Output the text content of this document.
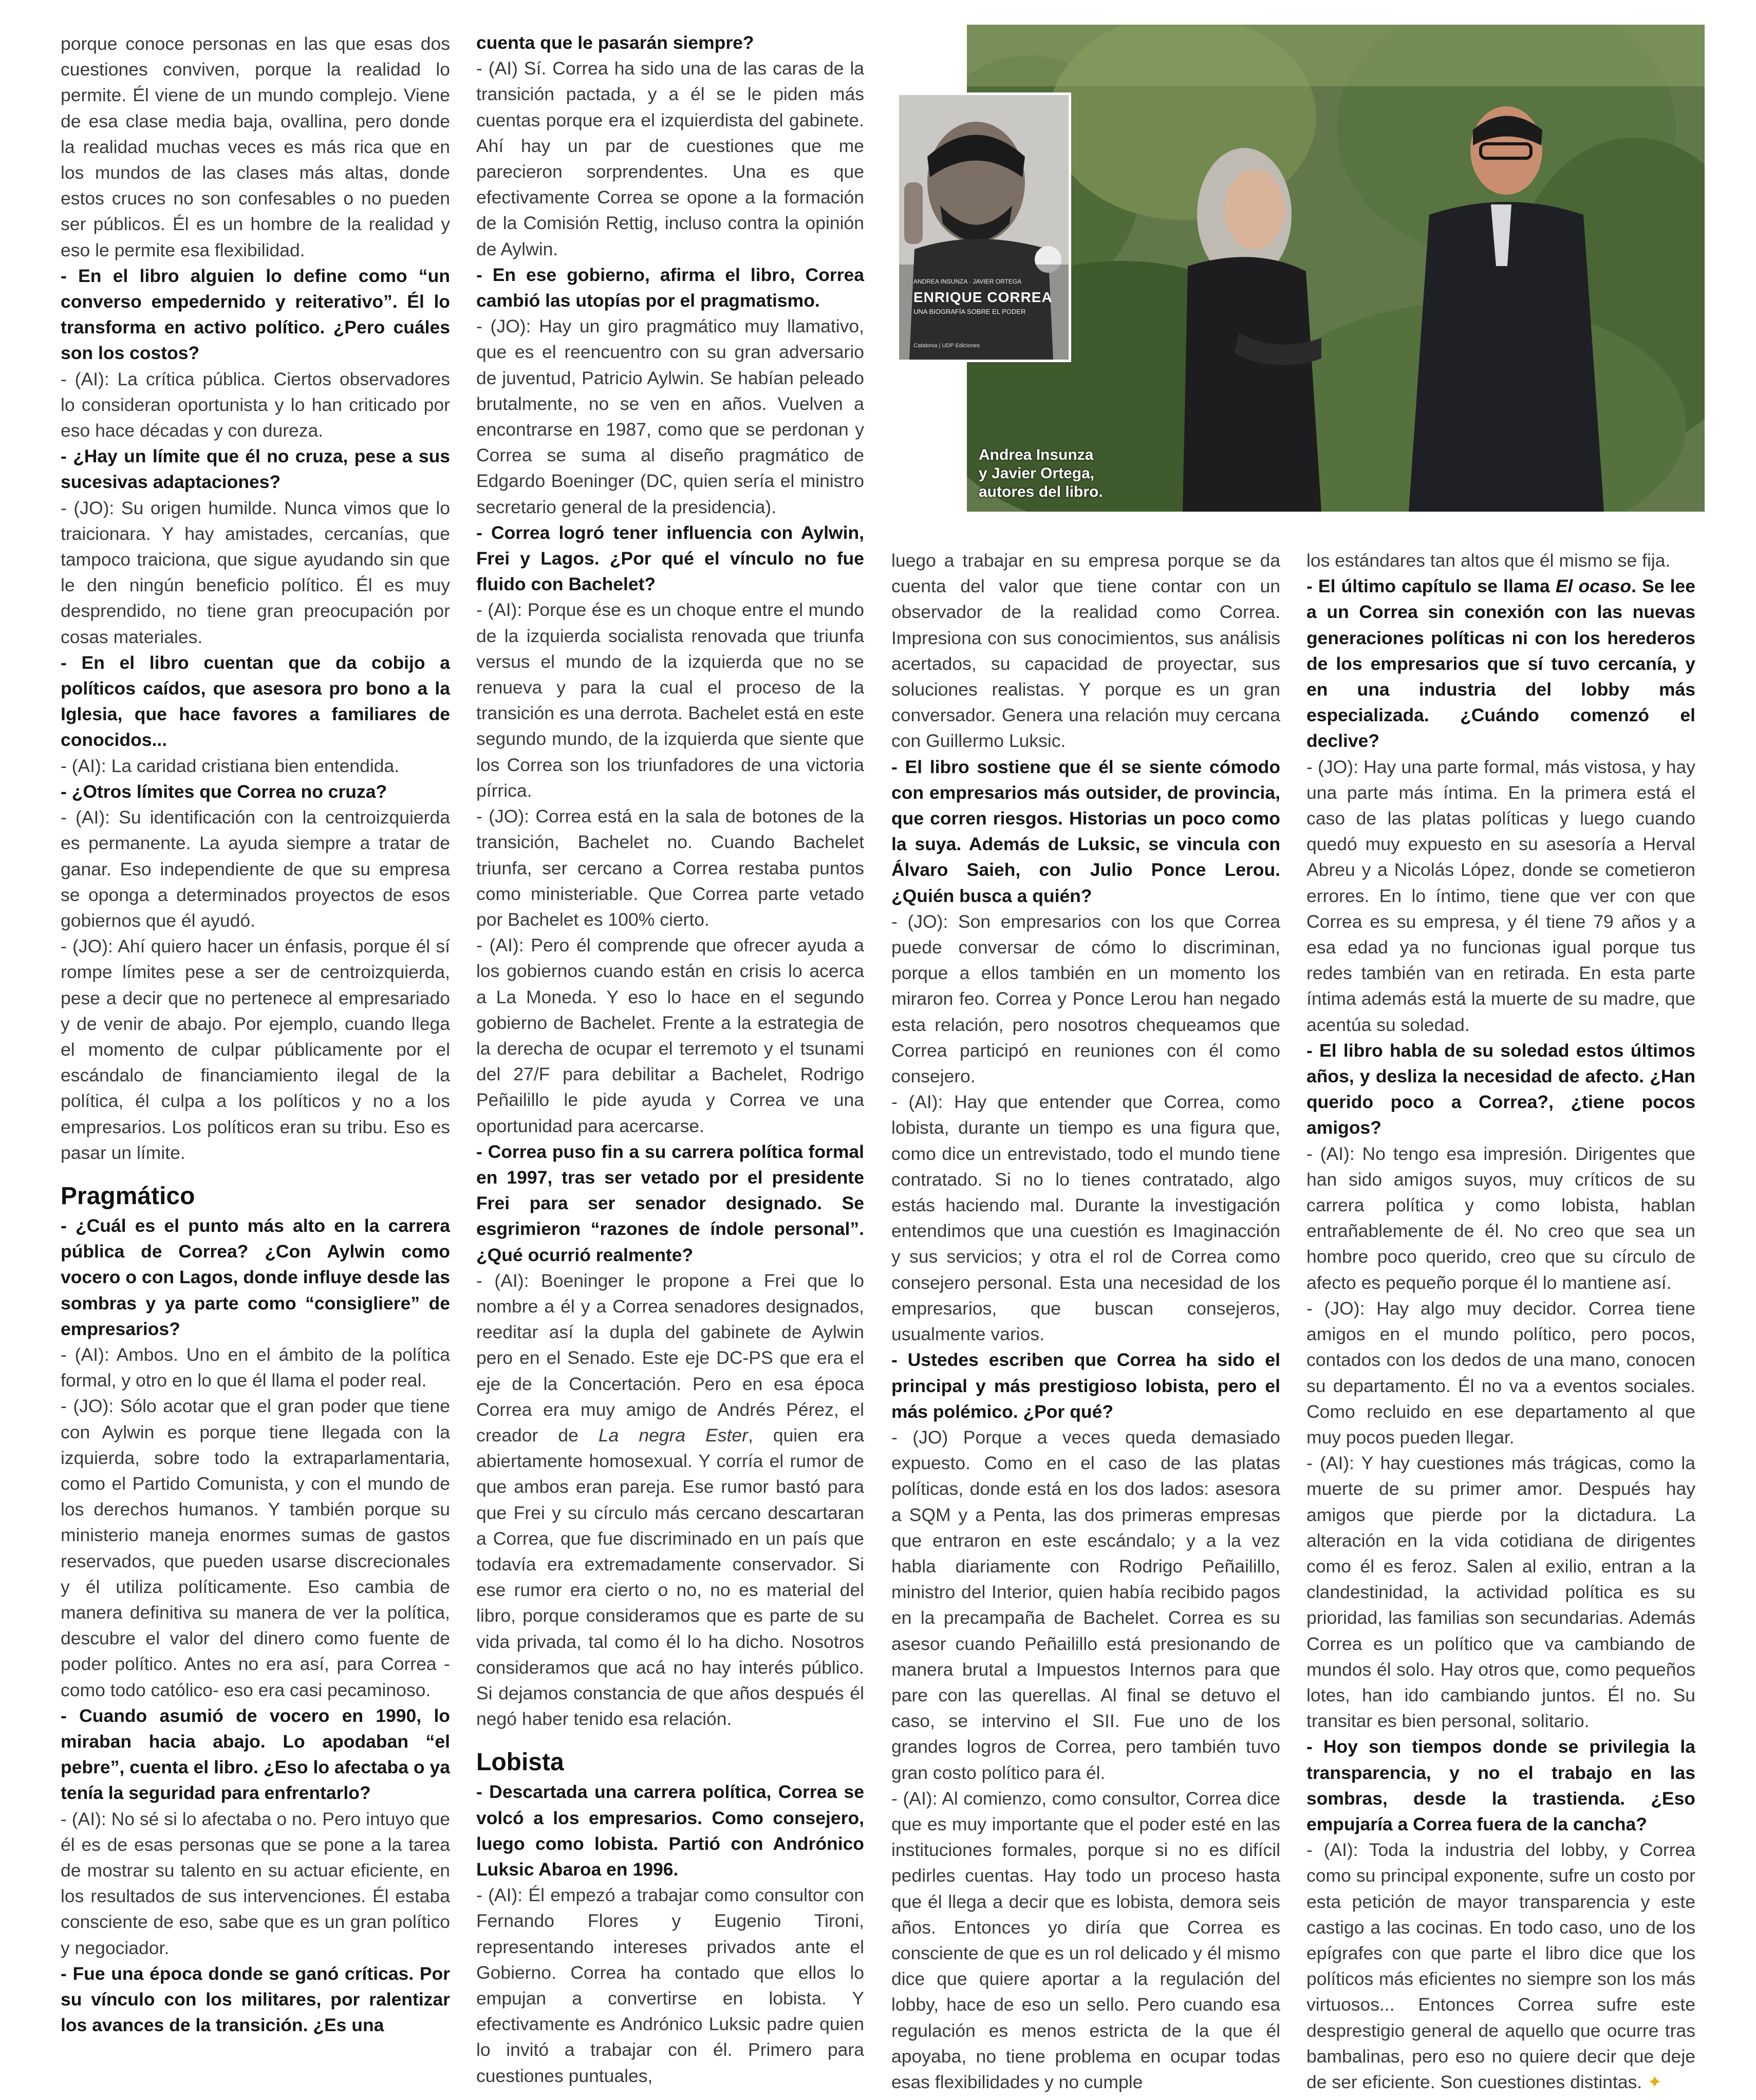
porque conoce personas en las que esas dos cuestiones conviven, porque la realidad lo permite. Él viene de un mundo complejo. Viene de esa clase media baja, ovallina, pero donde la realidad muchas veces es más rica que en los mundos de las clases más altas, donde estos cruces no son confesables o no pueden ser públicos. Él es un hombre de la realidad y eso le permite esa flexibilidad.

- En el libro alguien lo define como “un converso empedernido y reiterativo”. Él lo transforma en activo político. ¿Pero cuáles son los costos?

- (AI): La crítica pública. Ciertos observadores lo consideran oportunista y lo han criticado por eso hace décadas y con dureza.

- ¿Hay un límite que él no cruza, pese a sus sucesivas adaptaciones?

- (JO): Su origen humilde. Nunca vimos que lo traicionara. Y hay amistades, cercanías, que tampoco traiciona, que sigue ayudando sin que le den ningún beneficio político. Él es muy desprendido, no tiene gran preocupación por cosas materiales.

- En el libro cuentan que da cobijo a políticos caídos, que asesora pro bono a la Iglesia, que hace favores a familiares de conocidos...

- (AI): La caridad cristiana bien entendida.

- ¿Otros límites que Correa no cruza?

- (AI): Su identificación con la centroizquierda es permanente. La ayuda siempre a tratar de ganar. Eso independiente de que su empresa se oponga a determinados proyectos de esos gobiernos que él ayudó.

- (JO): Ahí quiero hacer un énfasis, porque él sí rompe límites pese a ser de centroizquierda, pese a decir que no pertenece al empresariado y de venir de abajo. Por ejemplo, cuando llega el momento de culpar públicamente por el escándalo de financiamiento ilegal de la política, él culpa a los políticos y no a los empresarios. Los políticos eran su tribu. Eso es pasar un límite.

Pragmático

- ¿Cuál es el punto más alto en la carrera pública de Correa? ¿Con Aylwin como vocero o con Lagos, donde influye desde las sombras y ya parte como “consigliere” de empresarios?

- (AI): Ambos. Uno en el ámbito de la política formal, y otro en lo que él llama el poder real.

- (JO): Sólo acotar que el gran poder que tiene con Aylwin es porque tiene llegada con la izquierda, sobre todo la extraparlamentaria, como el Partido Comunista, y con el mundo de los derechos humanos. Y también porque su ministerio maneja enormes sumas de gastos reservados, que pueden usarse discrecionales y él utiliza políticamente. Eso cambia de manera definitiva su manera de ver la política, descubre el valor del dinero como fuente de poder político. Antes no era así, para Correa -como todo católico- eso era casi pecaminoso.

- Cuando asumió de vocero en 1990, lo miraban hacia abajo. Lo apodaban “el pebre”, cuenta el libro. ¿Eso lo afectaba o ya tenía la seguridad para enfrentarlo?

- (AI): No sé si lo afectaba o no. Pero intuyo que él es de esas personas que se pone a la tarea de mostrar su talento en su actuar eficiente, en los resultados de sus intervenciones. Él estaba consciente de eso, sabe que es un gran político y negociador.

- Fue una época donde se ganó críticas. Por su vínculo con los militares, por ralentizar los avances de la transición. ¿Es una

cuenta que le pasarán siempre?

- (AI) Sí. Correa ha sido una de las caras de la transición pactada, y a él se le piden más cuentas porque era el izquierdista del gabinete. Ahí hay un par de cuestiones que me parecieron sorprendentes. Una es que efectivamente Correa se opone a la formación de la Comisión Rettig, incluso contra la opinión de Aylwin.

- En ese gobierno, afirma el libro, Correa cambió las utopías por el pragmatismo.

- (JO): Hay un giro pragmático muy llamativo, que es el reencuentro con su gran adversario de juventud, Patricio Aylwin. Se habían peleado brutalmente, no se ven en años. Vuelven a encontrarse en 1987, como que se perdonan y Correa se suma al diseño pragmático de Edgardo Boeninger (DC, quien sería el ministro secretario general de la presidencia).

- Correa logró tener influencia con Aylwin, Frei y Lagos. ¿Por qué el vínculo no fue fluido con Bachelet?

- (AI): Porque ése es un choque entre el mundo de la izquierda socialista renovada que triunfa versus el mundo de la izquierda que no se renueva y para la cual el proceso de la transición es una derrota. Bachelet está en este segundo mundo, de la izquierda que siente que los Correa son los triunfadores de una victoria pírrica.

- (JO): Correa está en la sala de botones de la transición, Bachelet no. Cuando Bachelet triunfa, ser cercano a Correa restaba puntos como ministeriable. Que Correa parte vetado por Bachelet es 100% cierto.

- (AI): Pero él comprende que ofrecer ayuda a los gobiernos cuando están en crisis lo acerca a La Moneda. Y eso lo hace en el segundo gobierno de Bachelet. Frente a la estrategia de la derecha de ocupar el terremoto y el tsunami del 27/F para debilitar a Bachelet, Rodrigo Peñailillo le pide ayuda y Correa ve una oportunidad para acercarse.

- Correa puso fin a su carrera política formal en 1997, tras ser vetado por el presidente Frei para ser senador designado. Se esgrimieron “razones de índole personal”. ¿Qué ocurrió realmente?

- (AI): Boeninger le propone a Frei que lo nombre a él y a Correa senadores designados, reeditar así la dupla del gabinete de Aylwin pero en el Senado. Este eje DC-PS que era el eje de la Concertación. Pero en esa época Correa era muy amigo de Andrés Pérez, el creador de La negra Ester, quien era abiertamente homosexual. Y corría el rumor de que ambos eran pareja. Ese rumor bastó para que Frei y su círculo más cercano descartaran a Correa, que fue discriminado en un país que todavía era extremadamente conservador. Si ese rumor era cierto o no, no es material del libro, porque consideramos que es parte de su vida privada, tal como él lo ha dicho. Nosotros consideramos que acá no hay interés público. Si dejamos constancia de que años después él negó haber tenido esa relación.

Lobista

- Descartada una carrera política, Correa se volcó a los empresarios. Como consejero, luego como lobista. Partió con Andrónico Luksic Abaroa en 1996.

- (AI): Él empezó a trabajar como consultor con Fernando Flores y Eugenio Tironi, representando intereses privados ante el Gobierno. Correa ha contado que ellos lo empujan a convertirse en lobista. Y efectivamente es Andrónico Luksic padre quien lo invitó a trabajar con él. Primero para cuestiones puntuales,

luego a trabajar en su empresa porque se da cuenta del valor que tiene contar con un observador de la realidad como Correa. Impresiona con sus conocimientos, sus análisis acertados, su capacidad de proyectar, sus soluciones realistas. Y porque es un gran conversador. Genera una relación muy cercana con Guillermo Luksic.

- El libro sostiene que él se siente cómodo con empresarios más outsider, de provincia, que corren riesgos. Historias un poco como la suya. Además de Luksic, se vincula con Álvaro Saieh, con Julio Ponce Lerou. ¿Quién busca a quién?

- (JO): Son empresarios con los que Correa puede conversar de cómo lo discriminan, porque a ellos también en un momento los miraron feo. Correa y Ponce Lerou han negado esta relación, pero nosotros chequeamos que Correa participó en reuniones con él como consejero.

- (AI): Hay que entender que Correa, como lobista, durante un tiempo es una figura que, como dice un entrevistado, todo el mundo tiene contratado. Si no lo tienes contratado, algo estás haciendo mal. Durante la investigación entendimos que una cuestión es Imaginacción y sus servicios; y otra el rol de Correa como consejero personal. Esta una necesidad de los empresarios, que buscan consejeros, usualmente varios.

- Ustedes escriben que Correa ha sido el principal y más prestigioso lobista, pero el más polémico. ¿Por qué?

- (JO) Porque a veces queda demasiado expuesto. Como en el caso de las platas políticas, donde está en los dos lados: asesora a SQM y a Penta, las dos primeras empresas que entraron en este escándalo; y a la vez habla diariamente con Rodrigo Peñailillo, ministro del Interior, quien había recibido pagos en la precampaña de Bachelet. Correa es su asesor cuando Peñailillo está presionando de manera brutal a Impuestos Internos para que pare con las querellas. Al final se detuvo el caso, se intervino el SII. Fue uno de los grandes logros de Correa, pero también tuvo gran costo político para él.

- (AI): Al comienzo, como consultor, Correa dice que es muy importante que el poder esté en las instituciones formales, porque si no es difícil pedirles cuentas. Hay todo un proceso hasta que él llega a decir que es lobista, demora seis años. Entonces yo diría que Correa es consciente de que es un rol delicado y él mismo dice que quiere aportar a la regulación del lobby, hace de eso un sello. Pero cuando esa regulación es menos estricta de la que él apoyaba, no tiene problema en ocupar todas esas flexibilidades y no cumple

los estándares tan altos que él mismo se fija.

- El último capítulo se llama El ocaso. Se lee a un Correa sin conexión con las nuevas generaciones políticas ni con los herederos de los empresarios que sí tuvo cercanía, y en una industria del lobby más especializada. ¿Cuándo comenzó el declive?

- (JO): Hay una parte formal, más vistosa, y hay una parte más íntima. En la primera está el caso de las platas políticas y luego cuando quedó muy expuesto en su asesoría a Herval Abreu y a Nicolás López, donde se cometieron errores. En lo íntimo, tiene que ver con que Correa es su empresa, y él tiene 79 años y a esa edad ya no funcionas igual porque tus redes también van en retirada. En esta parte íntima además está la muerte de su madre, que acentúa su soledad.

- El libro habla de su soledad estos últimos años, y desliza la necesidad de afecto. ¿Han querido poco a Correa?, ¿tiene pocos amigos?

- (AI): No tengo esa impresión. Dirigentes que han sido amigos suyos, muy críticos de su carrera política y como lobista, hablan entrañablemente de él. No creo que sea un hombre poco querido, creo que su círculo de afecto es pequeño porque él lo mantiene así.

- (JO): Hay algo muy decidor. Correa tiene amigos en el mundo político, pero pocos, contados con los dedos de una mano, conocen su departamento. Él no va a eventos sociales. Como recluido en ese departamento al que muy pocos pueden llegar.

- (AI): Y hay cuestiones más trágicas, como la muerte de su primer amor. Después hay amigos que pierde por la dictadura. La alteración en la vida cotidiana de dirigentes como él es feroz. Salen al exilio, entran a la clandestinidad, la actividad política es su prioridad, las familias son secundarias. Además Correa es un político que va cambiando de mundos él solo. Hay otros que, como pequeños lotes, han ido cambiando juntos. Él no. Su transitar es bien personal, solitario.

- Hoy son tiempos donde se privilegia la transparencia, y no el trabajo en las sombras, desde la trastienda. ¿Eso empujaría a Correa fuera de la cancha?

- (AI): Toda la industria del lobby, y Correa como su principal exponente, sufre un costo por esta petición de mayor transparencia y este castigo a las cocinas. En todo caso, uno de los epígrafes con que parte el libro dice que los políticos más eficientes no siempre son los más virtuosos... Entonces Correa sufre este desprestigio general de aquello que ocurre tras bambalinas, pero eso no quiere decir que deje de ser eficiente. Son cuestiones distintas. ✦

ANDREA INSUNZA · JAVIER ORTEGA
ENRIQUE CORREA
UNA BIOGRAFÍA SOBRE EL PODER
Catalonia | UDP Ediciones
Andrea Insunza
y Javier Ortega,
autores del libro.
